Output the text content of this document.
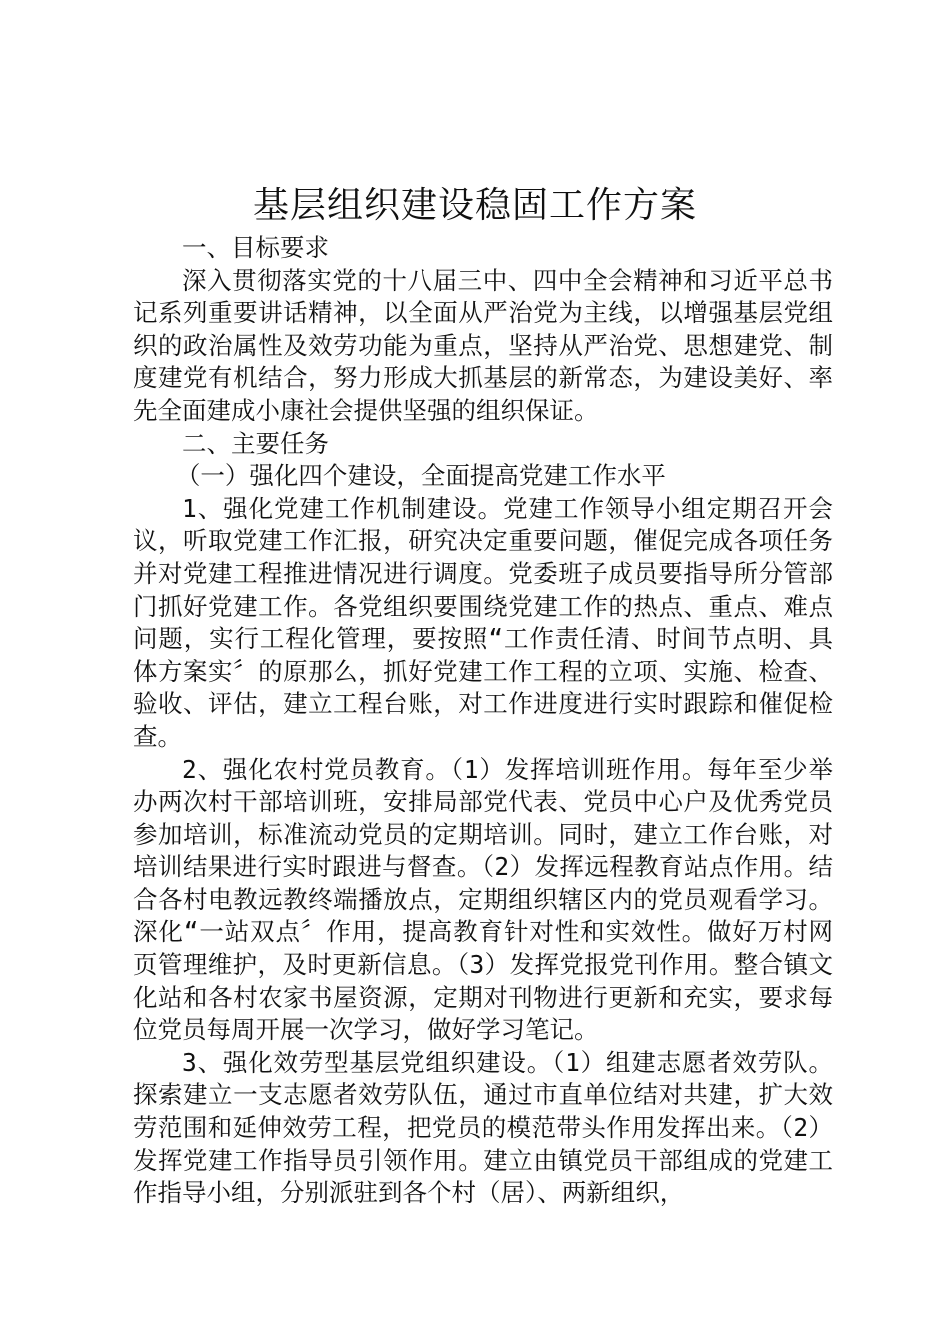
基层组织建设稳固工作方案

一、目标要求

深入贯彻落实党的十八届三中、四中全会精神和习近平总书记系列重要讲话精神，以全面从严治党为主线，以增强基层党组织的政治属性及效劳功能为重点，坚持从严治党、思想建党、制度建党有机结合，努力形成大抓基层的新常态，为建设美好、率先全面建成小康社会提供坚强的组织保证。

二、主要任务

（一）强化四个建设，全面提高党建工作水平

1、强化党建工作机制建设。党建工作领导小组定期召开会议，听取党建工作汇报，研究决定重要问题，催促完成各项任务并对党建工程推进情况进行调度。党委班子成员要指导所分管部门抓好党建工作。各党组织要围绕党建工作的热点、重点、难点问题，实行工程化管理，要按照“工作责任清、时间节点明、具体方案实〞的原那么，抓好党建工作工程的立项、实施、检查、验收、评估，建立工程台账，对工作进度进行实时跟踪和催促检查。

2、强化农村党员教育。（1）发挥培训班作用。每年至少举办两次村干部培训班，安排局部党代表、党员中心户及优秀党员参加培训，标准流动党员的定期培训。同时，建立工作台账，对培训结果进行实时跟进与督查。（2）发挥远程教育站点作用。结合各村电教远教终端播放点，定期组织辖区内的党员观看学习。深化“一站双点〞作用，提高教育针对性和实效性。做好万村网页管理维护，及时更新信息。（3）发挥党报党刊作用。整合镇文化站和各村农家书屋资源，定期对刊物进行更新和充实，要求每位党员每周开展一次学习，做好学习笔记。

3、强化效劳型基层党组织建设。（1）组建志愿者效劳队。探索建立一支志愿者效劳队伍，通过市直单位结对共建，扩大效劳范围和延伸效劳工程，把党员的模范带头作用发挥出来。（2）发挥党建工作指导员引领作用。建立由镇党员干部组成的党建工作指导小组，分别派驻到各个村（居）、两新组织，
